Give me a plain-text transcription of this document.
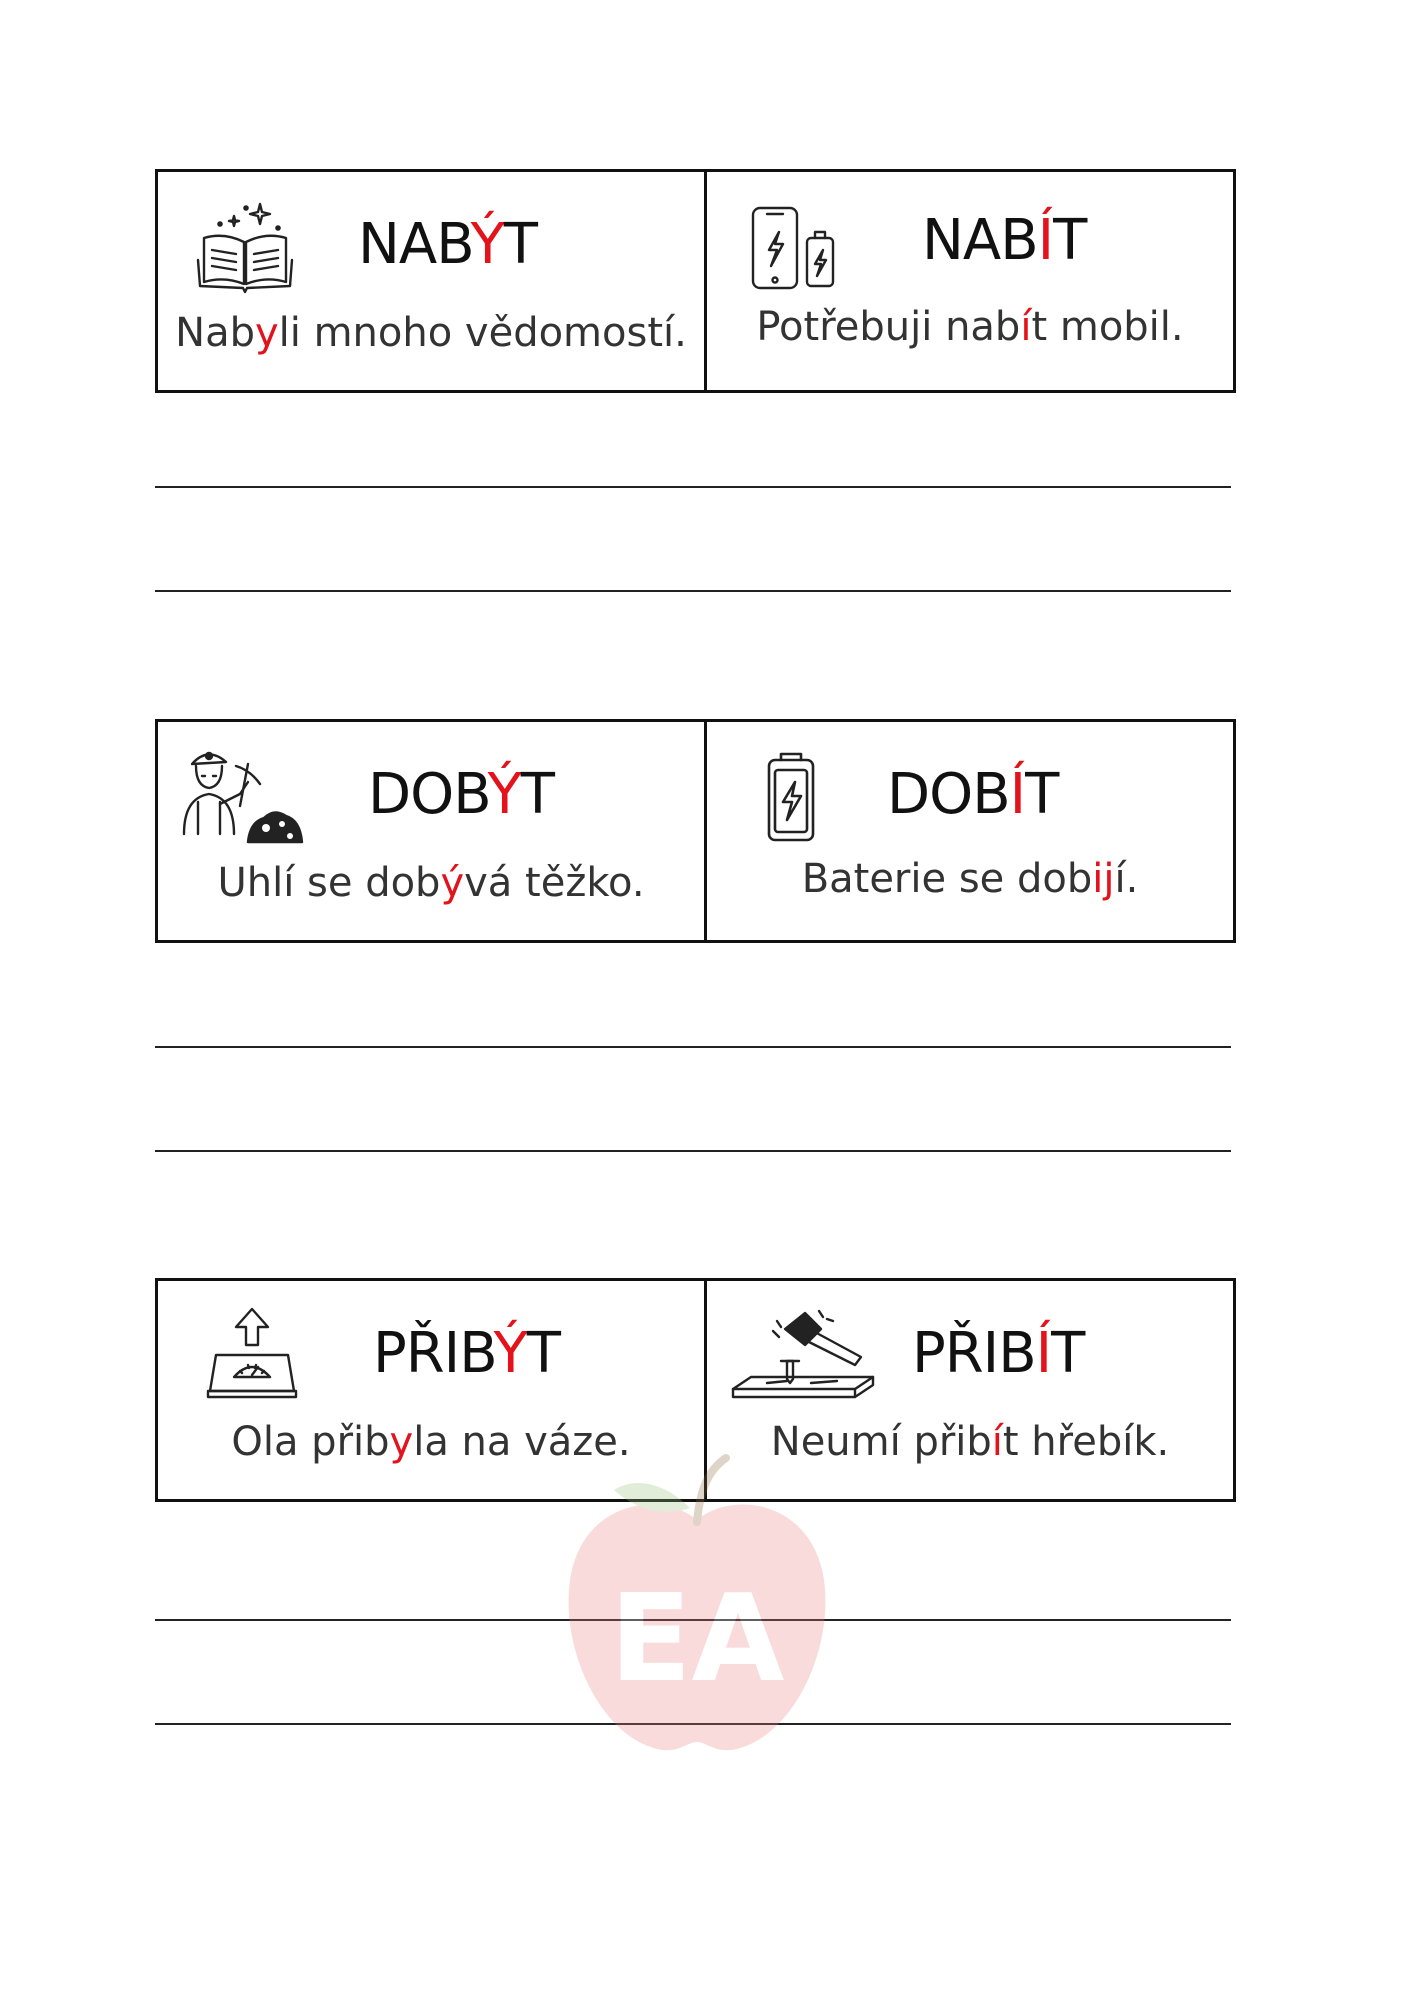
NABÝT
Nabyli mnoho vědomostí.
NABÍT
Potřebuji nabít mobil.
DOBÝT
Uhlí se dobývá těžko.
DOBÍT
Baterie se dobijí.
PŘIBÝT
Ola přibyla na váze.
PŘIBÍT
Neumí přibít hřebík.
EA
